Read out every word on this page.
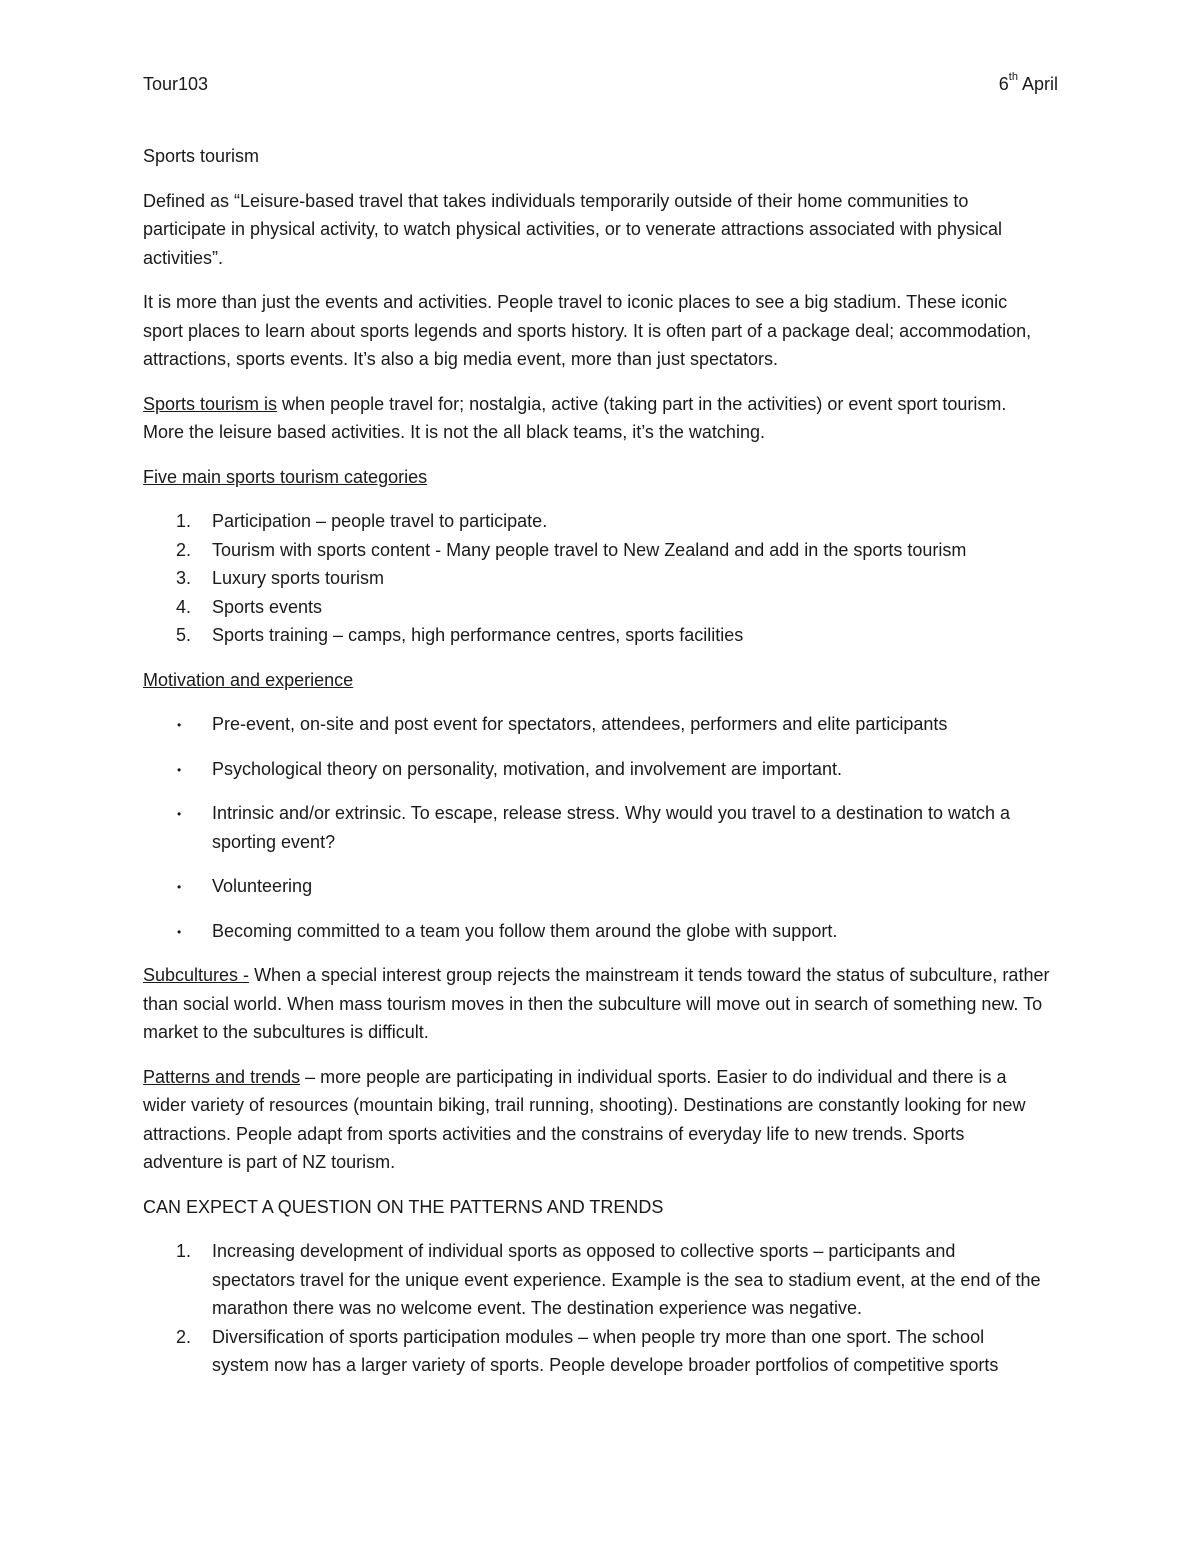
Tour103	6th April

Sports tourism

Defined as “Leisure-based travel that takes individuals temporarily outside of their home communities to participate in physical activity, to watch physical activities, or to venerate attractions associated with physical activities”.

It is more than just the events and activities. People travel to iconic places to see a big stadium. These iconic sport places to learn about sports legends and sports history. It is often part of a package deal; accommodation, attractions, sports events. It’s also a big media event, more than just spectators.

Sports tourism is when people travel for; nostalgia, active (taking part in the activities) or event sport tourism. More the leisure based activities. It is not the all black teams, it’s the watching.

Five main sports tourism categories

1. Participation – people travel to participate.
2. Tourism with sports content - Many people travel to New Zealand and add in the sports tourism
3. Luxury sports tourism
4. Sports events
5. Sports training – camps, high performance centres, sports facilities

Motivation and experience

• Pre-event, on-site and post event for spectators, attendees, performers and elite participants
• Psychological theory on personality, motivation, and involvement are important.
• Intrinsic and/or extrinsic. To escape, release stress. Why would you travel to a destination to watch a sporting event?
• Volunteering
• Becoming committed to a team you follow them around the globe with support.

Subcultures - When a special interest group rejects the mainstream it tends toward the status of subculture, rather than social world. When mass tourism moves in then the subculture will move out in search of something new. To market to the subcultures is difficult.

Patterns and trends – more people are participating in individual sports. Easier to do individual and there is a wider variety of resources (mountain biking, trail running, shooting). Destinations are constantly looking for new attractions. People adapt from sports activities and the constrains of everyday life to new trends. Sports adventure is part of NZ tourism.

CAN EXPECT A QUESTION ON THE PATTERNS AND TRENDS

1. Increasing development of individual sports as opposed to collective sports – participants and spectators travel for the unique event experience. Example is the sea to stadium event, at the end of the marathon there was no welcome event. The destination experience was negative.
2. Diversification of sports participation modules – when people try more than one sport. The school system now has a larger variety of sports. People develope broader portfolios of competitive sports
